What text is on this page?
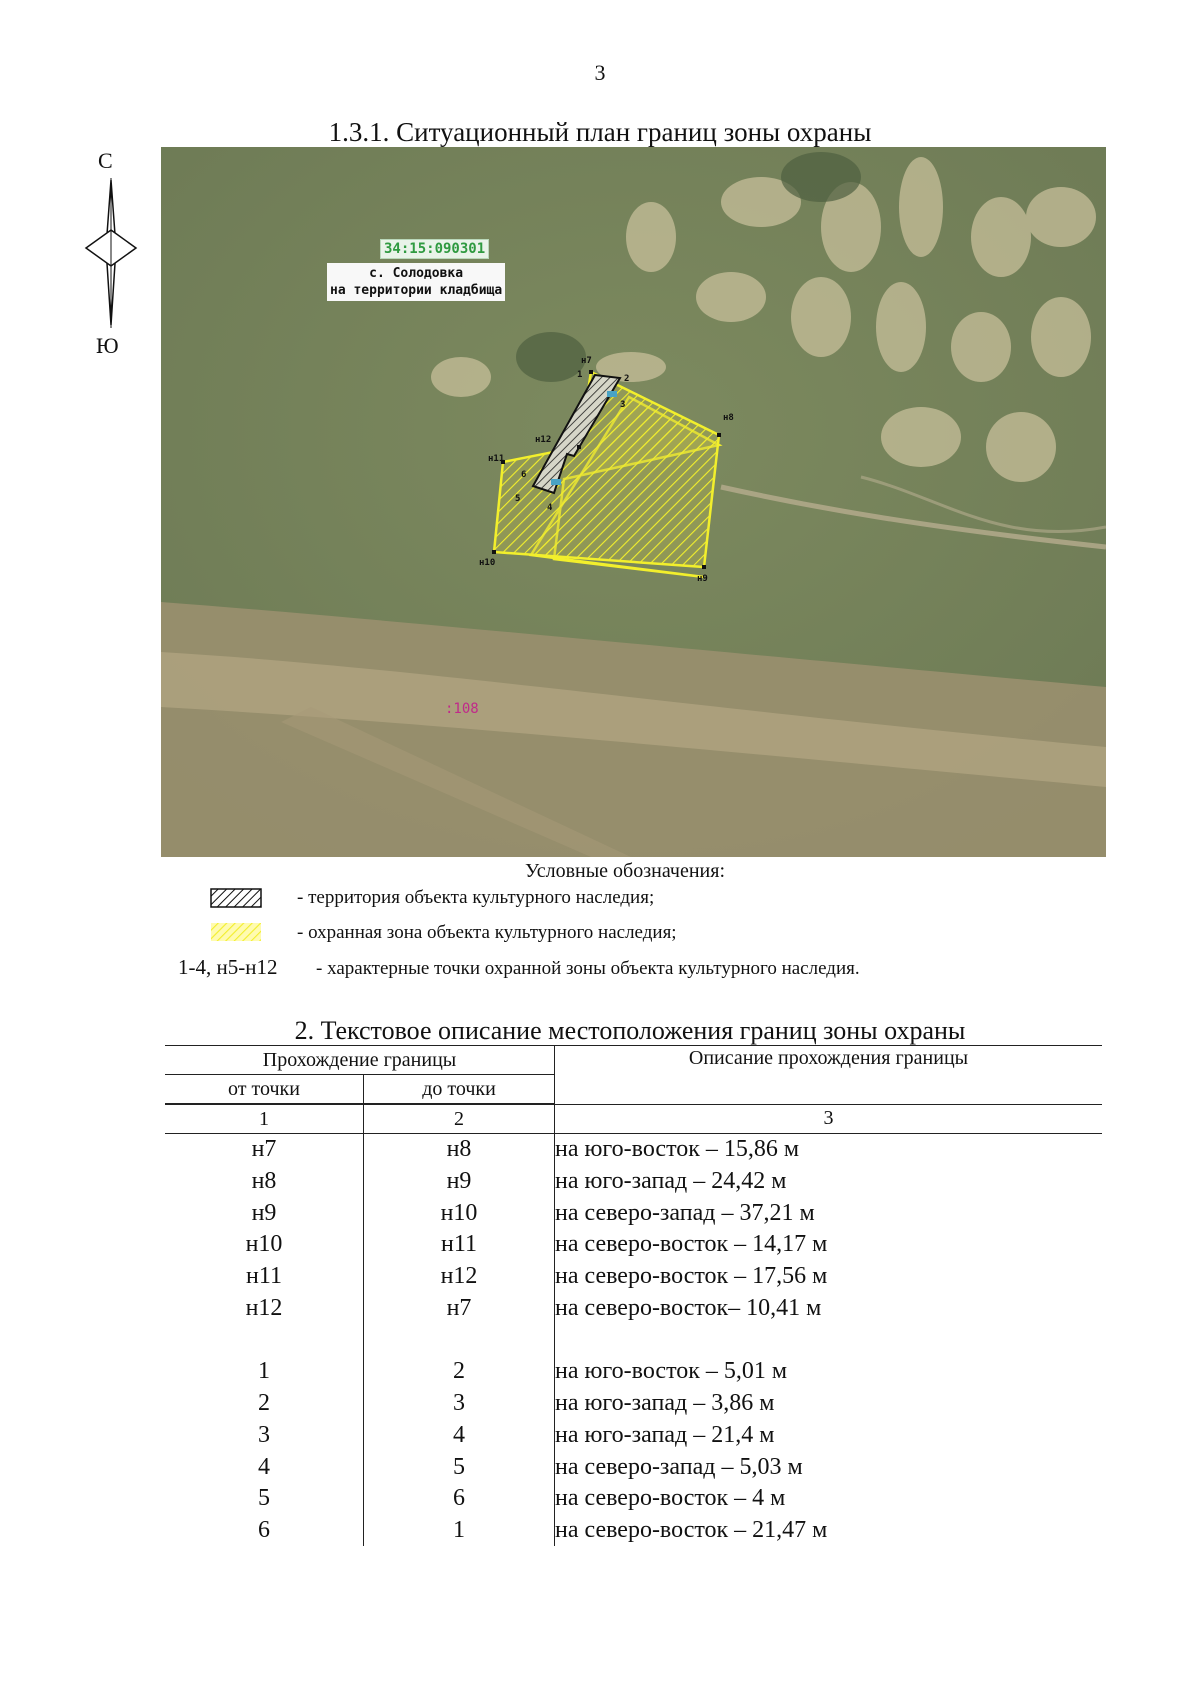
3
1.3.1. Ситуационный план границ зоны охраны
С
Ю
34:15:090301
с. Солодовка
на территории кладбища
:108
н7
1	2
3
н8
н12
н11
6
5
4
н10
н9
Условные обозначения:
- территория объекта культурного наследия;
- охранная зона объекта культурного наследия;
1-4, н5-н12 - характерные точки охранной зоны объекта культурного наследия.
2. Текстовое описание местоположения границ зоны охраны
Прохождение границы		Описание прохождения границы
от точки	до точки	
1	2	3
н7	н8	на юго-восток – 15,86 м
н8	н9	на юго-запад – 24,42 м
н9	н10	на северо-запад – 37,21 м
н10	н11	на северо-восток – 14,17 м
н11	н12	на северо-восток – 17,56 м
н12	н7	на северо-восток– 10,41 м

1	2	на юго-восток – 5,01 м
2	3	на юго-запад – 3,86 м
3	4	на юго-запад – 21,4 м
4	5	на северо-запад – 5,03 м
5	6	на северо-восток – 4 м
6	1	на северо-восток – 21,47 м
